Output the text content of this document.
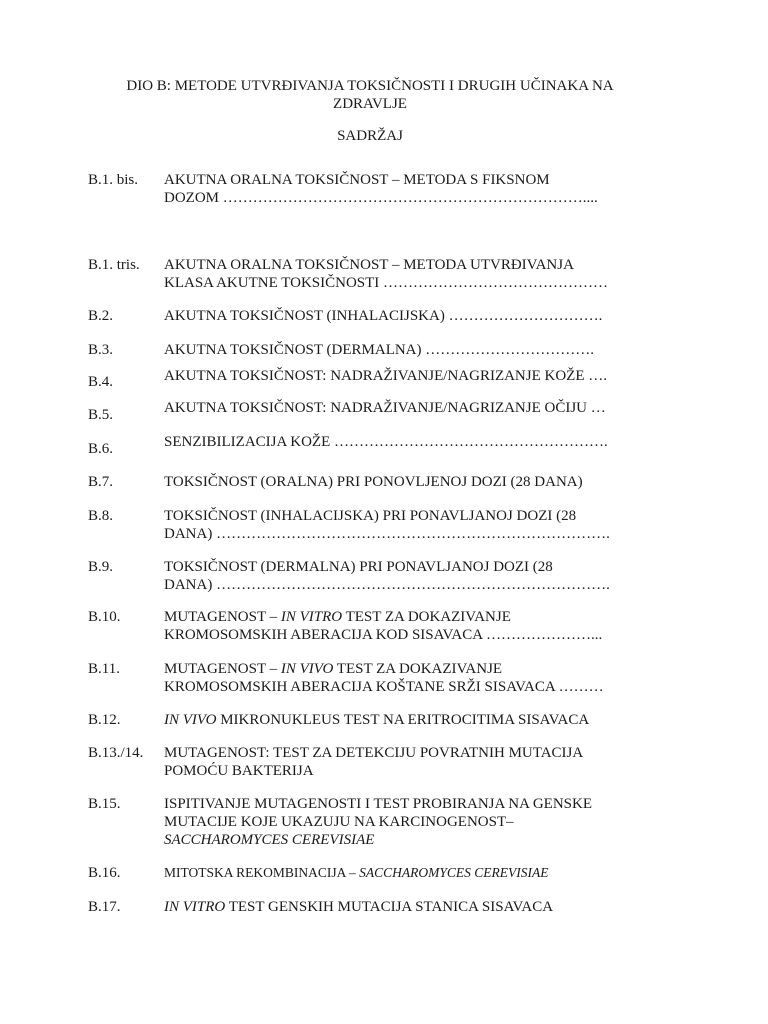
DIO B: METODE UTVRĐIVANJA TOKSIČNOSTI I DRUGIH UČINAKA NA
ZDRAVLJE
SADRŽAJ
B.1. bis.	AKUTNA ORALNA TOKSIČNOST – METODA S FIKSNOM
DOZOM ………………………………………………………………....
B.1. tris.	AKUTNA ORALNA TOKSIČNOST – METODA UTVRĐIVANJA
KLASA AKUTNE TOKSIČNOSTI ………………………………………
B.2.	AKUTNA TOKSIČNOST (INHALACIJSKA) ………………………….
B.3.	AKUTNA TOKSIČNOST (DERMALNA) …………………………….
B.4.	AKUTNA TOKSIČNOST: NADRAŽIVANJE/NAGRIZANJE KOŽE ….
B.5.	AKUTNA TOKSIČNOST: NADRAŽIVANJE/NAGRIZANJE OČIJU …
B.6.	SENZIBILIZACIJA KOŽE ……………………………………………….
B.7.	TOKSIČNOST (ORALNA) PRI PONOVLJENOJ DOZI (28 DANA)
B.8.	TOKSIČNOST (INHALACIJSKA) PRI PONAVLJANOJ DOZI (28
DANA) …………………………………………………………………….
B.9.	TOKSIČNOST (DERMALNA) PRI PONAVLJANOJ DOZI (28
DANA) …………………………………………………………………….
B.10.	MUTAGENOST – IN VITRO TEST ZA DOKAZIVANJE
KROMOSOMSKIH ABERACIJA KOD SISAVACA …………………...
B.11.	MUTAGENOST – IN VIVO TEST ZA DOKAZIVANJE
KROMOSOMSKIH ABERACIJA KOŠTANE SRŽI SISAVACA ………
B.12.	IN VIVO MIKRONUKLEUS TEST NA ERITROCITIMA SISAVACA
B.13./14.	MUTAGENOST: TEST ZA DETEKCIJU POVRATNIH MUTACIJA
POMOĆU BAKTERIJA
B.15.	ISPITIVANJE MUTAGENOSTI I TEST PROBIRANJA NA GENSKE
MUTACIJE KOJE UKAZUJU NA KARCINOGENOST–
SACCHAROMYCES CEREVISIAE
B.16.	MITOTSKA REKOMBINACIJA – SACCHAROMYCES CEREVISIAE
B.17.	IN VITRO TEST GENSKIH MUTACIJA STANICA SISAVACA
